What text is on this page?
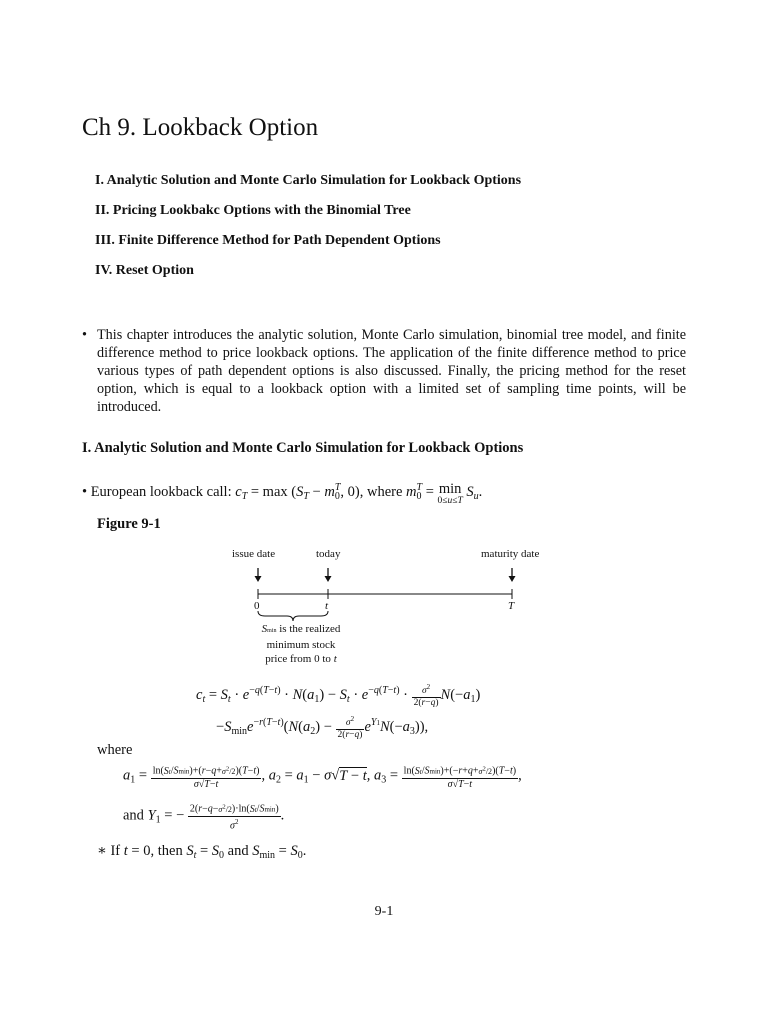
Ch 9. Lookback Option
I. Analytic Solution and Monte Carlo Simulation for Lookback Options
II. Pricing Lookbakc Options with the Binomial Tree
III. Finite Difference Method for Path Dependent Options
IV. Reset Option
• This chapter introduces the analytic solution, Monte Carlo simulation, binomial tree model, and finite difference method to price lookback options. The application of the finite difference method to price various types of path dependent options is also discussed. Finally, the pricing method for the reset option, which is equal to a lookback option with a limited set of sampling time points, will be introduced.
I. Analytic Solution and Monte Carlo Simulation for Lookback Options
• European lookback call: $c_T = \max (S_T - m_0^T$, 0), where $m_0^T = \min$
0≤u≤T
$S_u$.
Figure 9-1
issue date	today	maturity date
0	t	T
Smin is the realized
minimum stock
price from 0 to t
$c_t = S_t \cdot e^{-q(T-t)} \cdot N(a_1) - S_t \cdot e^{-q(T-t)} \cdot \frac{\sigma^2}{2(r-q)} N(-a_1)$
$-S_{min}e^{-r(T-t)}(N(a_2) - \frac{\sigma^2}{2(r-q)} e^{Y1}N(-a_3))$,
where
$a_1 = \frac{\ln(St/Smin)+(r-q+\sigma^2/2)(T-t)}{\sigma√T-t}$ , $a_2 = a_1 - \sigma√T - t$, $a_3 = \frac{\ln(St/Smin)+(-r+q+\sigma^2/2)(T-t)}{\sigma√T-t}$ ,
and $Y_1$ = − $\frac{2(r-q-\sigma^2/2)\cdot\ln(St/Smin)}{\sigma^2}$ .
∗ If t = 0, then $S_t = S_0$ and $S_{min} = S_0$.
9-1
